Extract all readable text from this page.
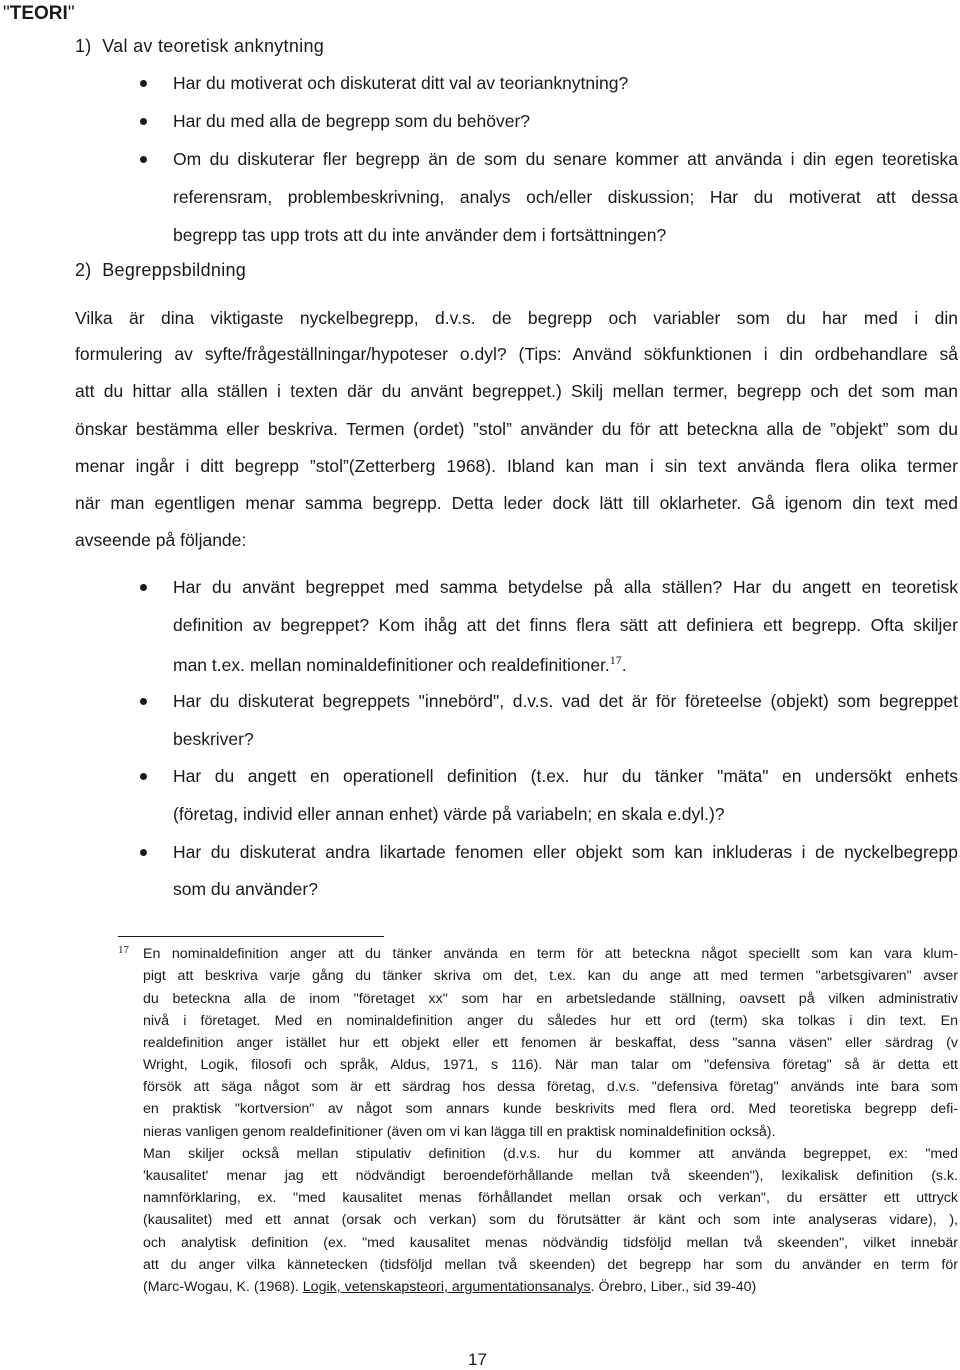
"TEORI"
1)  Val av teoretisk anknytning
Har du motiverat och diskuterat ditt val av teorianknytning?
Har du med alla de begrepp som du behöver?
Om du diskuterar fler begrepp än de som du senare kommer att använda i din egen teoretiska
referensram, problembeskrivning, analys och/eller diskussion; Har du motiverat att dessa
begrepp tas upp trots att du inte använder dem i fortsättningen?
2)  Begreppsbildning
Vilka är dina viktigaste nyckelbegrepp, d.v.s. de begrepp och variabler som du har med i din
formulering av syfte/frågeställningar/hypoteser o.dyl? (Tips: Använd sökfunktionen i din ordbehandlare så
att du hittar alla ställen i texten där du använt begreppet.) Skilj mellan termer, begrepp och det som man
önskar bestämma eller beskriva. Termen (ordet) ”stol” använder du för att beteckna alla de ”objekt” som du
menar ingår i ditt begrepp ”stol”(Zetterberg 1968). Ibland kan man i sin text använda flera olika termer
när man egentligen menar samma begrepp. Detta leder dock lätt till oklarheter. Gå igenom din text med
avseende på följande:
Har du använt begreppet med samma betydelse på alla ställen? Har du angett en teoretisk
definition av begreppet? Kom ihåg att det finns flera sätt att definiera ett begrepp. Ofta skiljer
man t.ex. mellan nominaldefinitioner och realdefinitioner.$^{17}$.
Har du diskuterat begreppets "innebörd", d.v.s. vad det är för företeelse (objekt) som begreppet
beskriver?
Har du angett en operationell definition (t.ex. hur du tänker "mäta" en undersökt enhets
(företag, individ eller annan enhet) värde på variabeln; en skala e.dyl.)?
Har du diskuterat andra likartade fenomen eller objekt som kan inkluderas i de nyckelbegrepp
som du använder?
17 En nominaldefinition anger att du tänker använda en term för att beteckna något speciellt som kan vara klum-
pigt att beskriva varje gång du tänker skriva om det, t.ex. kan du ange att med termen "arbetsgivaren" avser
du beteckna alla de inom "företaget xx" som har en arbetsledande ställning, oavsett på vilken administrativ
nivå i företaget. Med en nominaldefinition anger du således hur ett ord (term) ska tolkas i din text. En
realdefinition anger istället hur ett objekt eller ett fenomen är beskaffat, dess "sanna väsen" eller särdrag (v
Wright, Logik, filosofi och språk, Aldus, 1971, s 116). När man talar om "defensiva företag" så är detta ett
försök att säga något som är ett särdrag hos dessa företag, d.v.s. "defensiva företag" används inte bara som
en praktisk "kortversion" av något som annars kunde beskrivits med flera ord. Med teoretiska begrepp defi-
nieras vanligen genom realdefinitioner (även om vi kan lägga till en praktisk nominaldefinition också).
Man skiljer också mellan stipulativ definition (d.v.s. hur du kommer att använda begreppet, ex: "med
'kausalitet' menar jag ett nödvändigt beroendeförhållande mellan två skeenden"), lexikalisk definition (s.k.
namnförklaring, ex. "med kausalitet menas förhållandet mellan orsak och verkan", du ersätter ett uttryck
(kausalitet) med ett annat (orsak och verkan) som du förutsätter är känt och som inte analyseras vidare), ),
och analytisk definition (ex. "med kausalitet menas nödvändig tidsföljd mellan två skeenden", vilket innebär
att du anger vilka kännetecken (tidsföljd mellan två skeenden) det begrepp har som du använder en term för
(Marc-Wogau, K. (1968). Logik, vetenskapsteori, argumentationsanalys. Örebro, Liber., sid 39-40)
17
